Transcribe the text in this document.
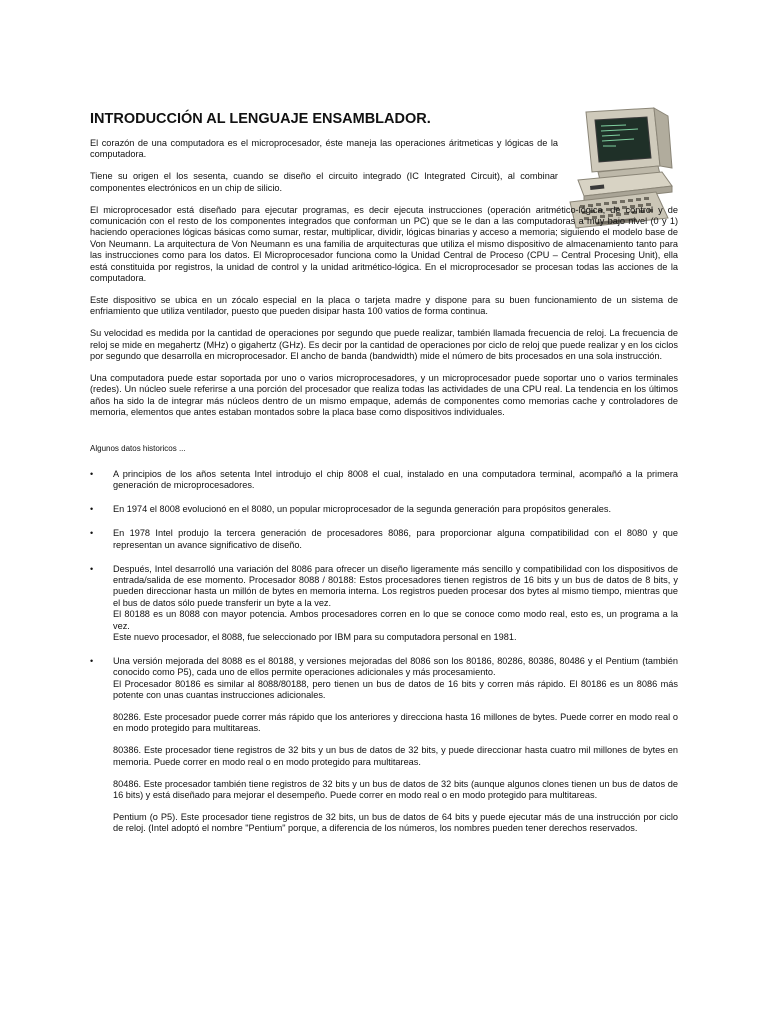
INTRODUCCIÓN AL LENGUAJE ENSAMBLADOR.

El corazón de una computadora es el microprocesador, éste maneja las operaciones áritmeticas y lógicas de la computadora.

Tiene su origen el los sesenta, cuando se diseño el circuito integrado (IC Integrated Circuit), al combinar componentes electrónicos en un chip de silicio.

El microprocesador está diseñado para ejecutar programas, es decir ejecuta instrucciones (operación aritmético-lógica, de control y de comunicación con el resto de los componentes integrados que conforman un PC) que se le dan a las computadoras a muy bajo nivel (0 y 1) haciendo operaciones lógicas básicas como sumar, restar, multiplicar, dividir, lógicas binarias y acceso a memoria; siguiendo el modelo base de Von Neumann. La arquitectura de Von Neumann es una familia de arquitecturas que utiliza el mismo dispositivo de almacenamiento tanto para las instrucciones como para los datos. El Microprocesador funciona como la Unidad Central de Proceso (CPU – Central Procesing Unit), ella está constituida por registros, la unidad de control y la unidad aritmético-lógica. En el microprocesador se procesan todas las acciones de la computadora.

Este dispositivo se ubica en un zócalo especial en la placa o tarjeta madre y dispone para su buen funcionamiento de un sistema de enfriamiento que utiliza ventilador, puesto que pueden disipar hasta 100 vatios de forma continua.

Su velocidad es medida por la cantidad de operaciones por segundo que puede realizar, también llamada frecuencia de reloj. La frecuencia de reloj se mide en megahertz (MHz) o gigahertz (GHz). Es decir por la cantidad de operaciones por ciclo de reloj que puede realizar y en los ciclos por segundo que desarrolla en microprocesador. El ancho de banda (bandwidth) mide el número de bits procesados en una sola instrucción.

Una computadora puede estar soportada por uno o varios microprocesadores, y un microprocesador puede soportar uno o varios terminales (redes). Un núcleo suele referirse a una porción del procesador que realiza todas las actividades de una CPU real. La tendencia en los últimos años ha sido la de integrar más núcleos dentro de un mismo empaque, además de componentes como memorias cache y controladores de memoria, elementos que antes estaban montados sobre la placa base como dispositivos individuales.

Algunos datos historicos ...
• A principios de los años setenta Intel introdujo el chip 8008 el cual, instalado en una computadora terminal, acompañó a la primera generación de microprocesadores.
• En 1974 el 8008 evolucionó en el 8080, un popular microprocesador de la segunda generación para propósitos generales.
• En 1978 Intel produjo la tercera generación de procesadores 8086, para proporcionar alguna compatibilidad con el 8080 y que representan un avance significativo de diseño.
• Después, Intel desarrolló una variación del 8086 para ofrecer un diseño ligeramente más sencillo y compatibilidad con los dispositivos de entrada/salida de ese momento. Procesador 8088 / 80188: Estos procesadores tienen registros de 16 bits y un bus de datos de 8 bits, y pueden direccionar hasta un millón de bytes en memoria interna. Los registros pueden procesar dos bytes al mismo tiempo, mientras que el bus de datos sólo puede transferir un byte a la vez.
El 80188 es un 8088 con mayor potencia. Ambos procesadores corren en lo que se conoce como modo real, esto es, un programa a la vez.
Este nuevo procesador, el 8088, fue seleccionado por IBM para su computadora personal en 1981.
• Una versión mejorada del 8088 es el 80188, y versiones mejoradas del 8086 son los 80186, 80286, 80386, 80486 y el Pentium (también conocido como P5), cada uno de ellos permite operaciones adicionales y más procesamiento.
El Procesador 80186 es similar al 8088/80188, pero tienen un bus de datos de 16 bits y corren más rápido. El 80186 es un 8086 más potente con unas cuantas instrucciones adicionales.
80286. Este procesador puede correr más rápido que los anteriores y direcciona hasta 16 millones de bytes. Puede correr en modo real o en modo protegido para multitareas.
80386. Este procesador tiene registros de 32 bits y un bus de datos de 32 bits, y puede direccionar hasta cuatro mil millones de bytes en memoria. Puede correr en modo real o en modo protegido para multitareas.
80486. Este procesador también tiene registros de 32 bits y un bus de datos de 32 bits (aunque algunos clones tienen un bus de datos de 16 bits) y está diseñado para mejorar el desempeño. Puede correr en modo real o en modo protegido para multitareas.
Pentium (o P5). Este procesador tiene registros de 32 bits, un bus de datos de 64 bits y puede ejecutar más de una instrucción por ciclo de reloj. (Intel adoptó el nombre "Pentium" porque, a diferencia de los números, los nombres pueden tener derechos reservados.
